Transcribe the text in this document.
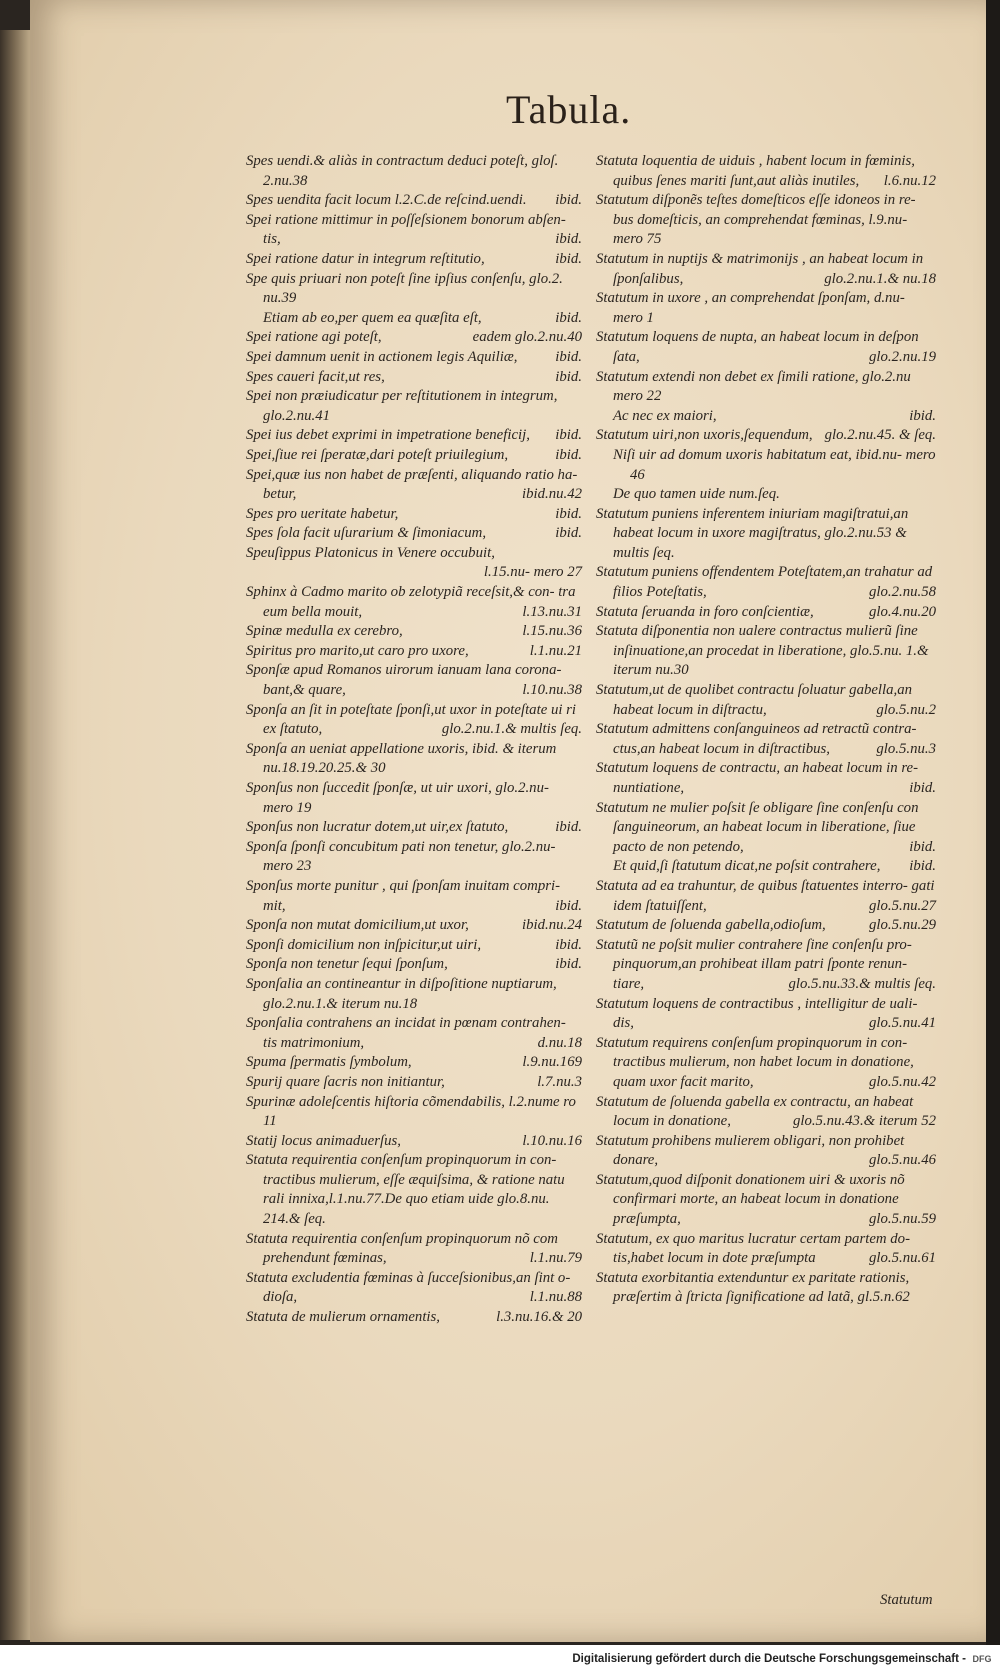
Tabula.
Spes uendi.& aliàs in contractum deduci poteſt, gloſ. 2.nu.38
Spes uendita facit locum l.2.C.de reſcind.uendi.	ibid.
Spei ratione mittimur in poſſeſsionem bonorum abſen- tis,	ibid.
Spei ratione datur in integrum reſtitutio,	ibid.
Spe quis priuari non poteſt ſine ipſius conſenſu, glo.2. nu.39
Etiam ab eo,per quem ea quæſita eſt,	ibid.
Spei ratione agi poteſt,	eadem glo.2.nu.40
Spei damnum uenit in actionem legis Aquiliæ,	ibid.
Spes caueri facit,ut res,	ibid.
Spei non præiudicatur per reſtitutionem in integrum, glo.2.nu.41
Spei ius debet exprimi in impetratione beneficij,	ibid.
Spei,ſiue rei ſperatæ,dari poteſt priuilegium,	ibid.
Spei,quæ ius non habet de præſenti, aliquando ratio ha- betur,	ibid.nu.42
Spes pro ueritate habetur,	ibid.
Spes ſola facit uſurarium & ſimoniacum,	ibid.
Speuſippus Platonicus in Venere occubuit,
l.15.nu- mero 27
Sphinx à Cadmo marito ob zelotypiã receſsit,& con- tra eum bella mouit,	l.13.nu.31
Spinæ medulla ex cerebro,	l.15.nu.36
Spiritus pro marito,ut caro pro uxore,	l.1.nu.21
Sponſæ apud Romanos uirorum ianuam lana corona- bant,& quare,	l.10.nu.38
Sponſa an ſit in poteſtate ſponſi,ut uxor in poteſtate ui ri ex ſtatuto,	glo.2.nu.1.& multis ſeq.
Sponſa an ueniat appellatione uxoris, ibid. & iterum nu.18.19.20.25.& 30
Sponſus non ſuccedit ſponſæ, ut uir uxori, glo.2.nu- mero 19
Sponſus non lucratur dotem,ut uir,ex ſtatuto,	ibid.
Sponſa ſponſi concubitum pati non tenetur, glo.2.nu- mero 23
Sponſus morte punitur , qui ſponſam inuitam compri- mit,	ibid.
Sponſa non mutat domicilium,ut uxor,	ibid.nu.24
Sponſi domicilium non inſpicitur,ut uiri,	ibid.
Sponſa non tenetur ſequi ſponſum,	ibid.
Sponſalia an contineantur in diſpoſitione nuptiarum, glo.2.nu.1.& iterum nu.18
Sponſalia contrahens an incidat in pœnam contrahen- tis matrimonium,	d.nu.18
Spuma ſpermatis ſymbolum,	l.9.nu.169
Spurij quare ſacris non initiantur,	l.7.nu.3
Spurinæ adoleſcentis hiſtoria cõmendabilis, l.2.nume ro 11
Statij locus animaduerſus,	l.10.nu.16
Statuta requirentia conſenſum propinquorum in con- tractibus mulierum, eſſe æquiſsima, & ratione natu rali innixa,l.1.nu.77.De quo etiam uide glo.8.nu. 214.& ſeq.
Statuta requirentia conſenſum propinquorum nõ com prehendunt fœminas,	l.1.nu.79
Statuta excludentia fœminas à ſucceſsionibus,an ſint o- dioſa,	l.1.nu.88
Statuta de mulierum ornamentis,	l.3.nu.16.& 20
Statuta loquentia de uiduis , habent locum in fœminis, quibus ſenes mariti ſunt,aut aliàs inutiles,	l.6.nu.12
Statutum diſponẽs teſtes domeſticos eſſe idoneos in re- bus domeſticis, an comprehendat fœminas, l.9.nu- mero 75
Statutum in nuptijs & matrimonijs , an habeat locum in ſponſalibus,	glo.2.nu.1.& nu.18
Statutum in uxore , an comprehendat ſponſam, d.nu- mero 1
Statutum loquens de nupta, an habeat locum in deſpon ſata,	glo.2.nu.19
Statutum extendi non debet ex ſimili ratione, glo.2.nu mero 22
Ac nec ex maiori,	ibid.
Statutum uiri,non uxoris,ſequendum, glo.2.nu.45. & ſeq.
Niſi uir ad domum uxoris habitatum eat, ibid.nu- mero 46
De quo tamen uide num.ſeq.
Statutum puniens inferentem iniuriam magiſtratui,an habeat locum in uxore magiſtratus, glo.2.nu.53 & multis ſeq.
Statutum puniens offendentem Poteſtatem,an trahatur ad filios Poteſtatis,	glo.2.nu.58
Statuta ſeruanda in foro conſcientiæ,	glo.4.nu.20
Statuta diſponentia non ualere contractus mulierũ ſine inſinuatione,an procedat in liberatione, glo.5.nu. 1.& iterum nu.30
Statutum,ut de quolibet contractu ſoluatur gabella,an habeat locum in diſtractu,	glo.5.nu.2
Statutum admittens conſanguineos ad retractũ contra- ctus,an habeat locum in diſtractibus,	glo.5.nu.3
Statutum loquens de contractu, an habeat locum in re- nuntiatione,	ibid.
Statutum ne mulier poſsit ſe obligare ſine conſenſu con ſanguineorum, an habeat locum in liberatione, ſiue pacto de non petendo,	ibid.
Et quid,ſi ſtatutum dicat,ne poſsit contrahere,	ibid.
Statuta ad ea trahuntur, de quibus ſtatuentes interro- gati idem ſtatuiſſent,	glo.5.nu.27
Statutum de ſoluenda gabella,odioſum,	glo.5.nu.29
Statutũ ne poſsit mulier contrahere ſine conſenſu pro- pinquorum,an prohibeat illam patri ſponte renun- tiare,	glo.5.nu.33.& multis ſeq.
Statutum loquens de contractibus , intelligitur de uali- dis,	glo.5.nu.41
Statutum requirens conſenſum propinquorum in con- tractibus mulierum, non habet locum in donatione, quam uxor facit marito,	glo.5.nu.42
Statutum de ſoluenda gabella ex contractu, an habeat locum in donatione,	glo.5.nu.43.& iterum 52
Statutum prohibens mulierem obligari, non prohibet donare,	glo.5.nu.46
Statutum,quod diſponit donationem uiri & uxoris nõ confirmari morte, an habeat locum in donatione præſumpta,	glo.5.nu.59
Statutum, ex quo maritus lucratur certam partem do- tis,habet locum in dote præſumpta	glo.5.nu.61
Statuta exorbitantia extenduntur ex paritate rationis, præſertim à ſtricta ſignificatione ad latã, gl.5.n.62
Statutum
Digitalisierung gefördert durch die Deutsche Forschungsgemeinschaft - DFG
